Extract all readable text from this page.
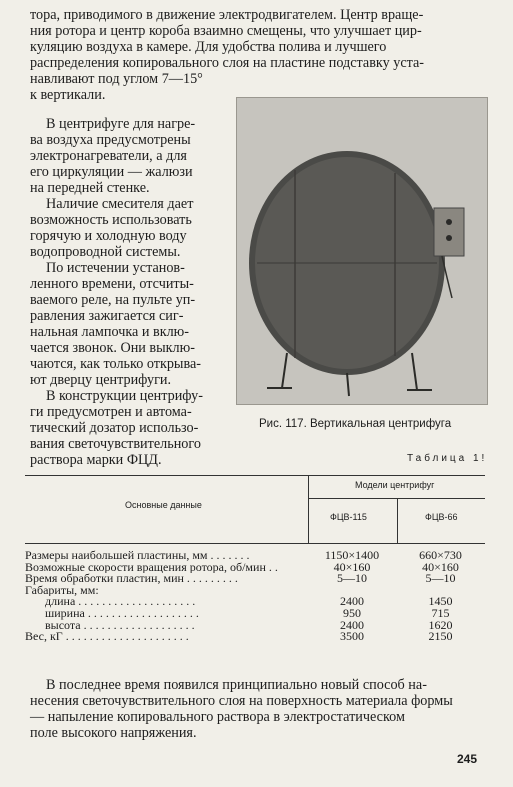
тора, приводимого в движение электродвигателем. Центр враще-
ния ротора и центр короба взаимно смещены, что улучшает цир-
куляцию воздуха в камере. Для удобства полива и лучшего
распределения копировального слоя на пластине подставку уста-
навливают под углом 7—15°
к вертикали.
В центрифуге для нагре-
ва воздуха предусмотрены
электронагреватели, а для
его циркуляции — жалюзи
на передней стенке.
Наличие смесителя дает
возможность использовать
горячую и холодную воду
водопроводной системы.
По истечении установ-
ленного времени, отсчиты-
ваемого реле, на пульте уп-
равления зажигается сиг-
нальная лампочка и вклю-
чается звонок. Они выклю-
чаются, как только открыва-
ют дверцу центрифуги.
В конструкции центрифу-
ги предусмотрен и автома-
тический дозатор использо-
вания светочувствительного
раствора марки ФЦД.
Рис. 117. Вертикальная центрифуга
Таблица 1!
Основные данные
Модели центрифуг
ФЦВ-115	ФЦВ-66
Размеры наибольшей пластины, мм . . . . . . .	1150×1400	660×730
Возможные скорости вращения ротора, об/мин . .	40×160	40×160
Время обработки пластин, мин . . . . . . . . .	5—10	5—10
Габариты, мм:
длина . . . . . . . . . . . . . . . . . . . .	2400	1450
ширина . . . . . . . . . . . . . . . . . . .	950	715
высота . . . . . . . . . . . . . . . . . . .	2400	1620
Вес, кГ . . . . . . . . . . . . . . . . . . . . .	3500	2150
В последнее время появился принципиально новый способ на-
несения светочувствительного слоя на поверхность материала формы
— напыление копировального раствора в электростатическом
поле высокого напряжения.
245
